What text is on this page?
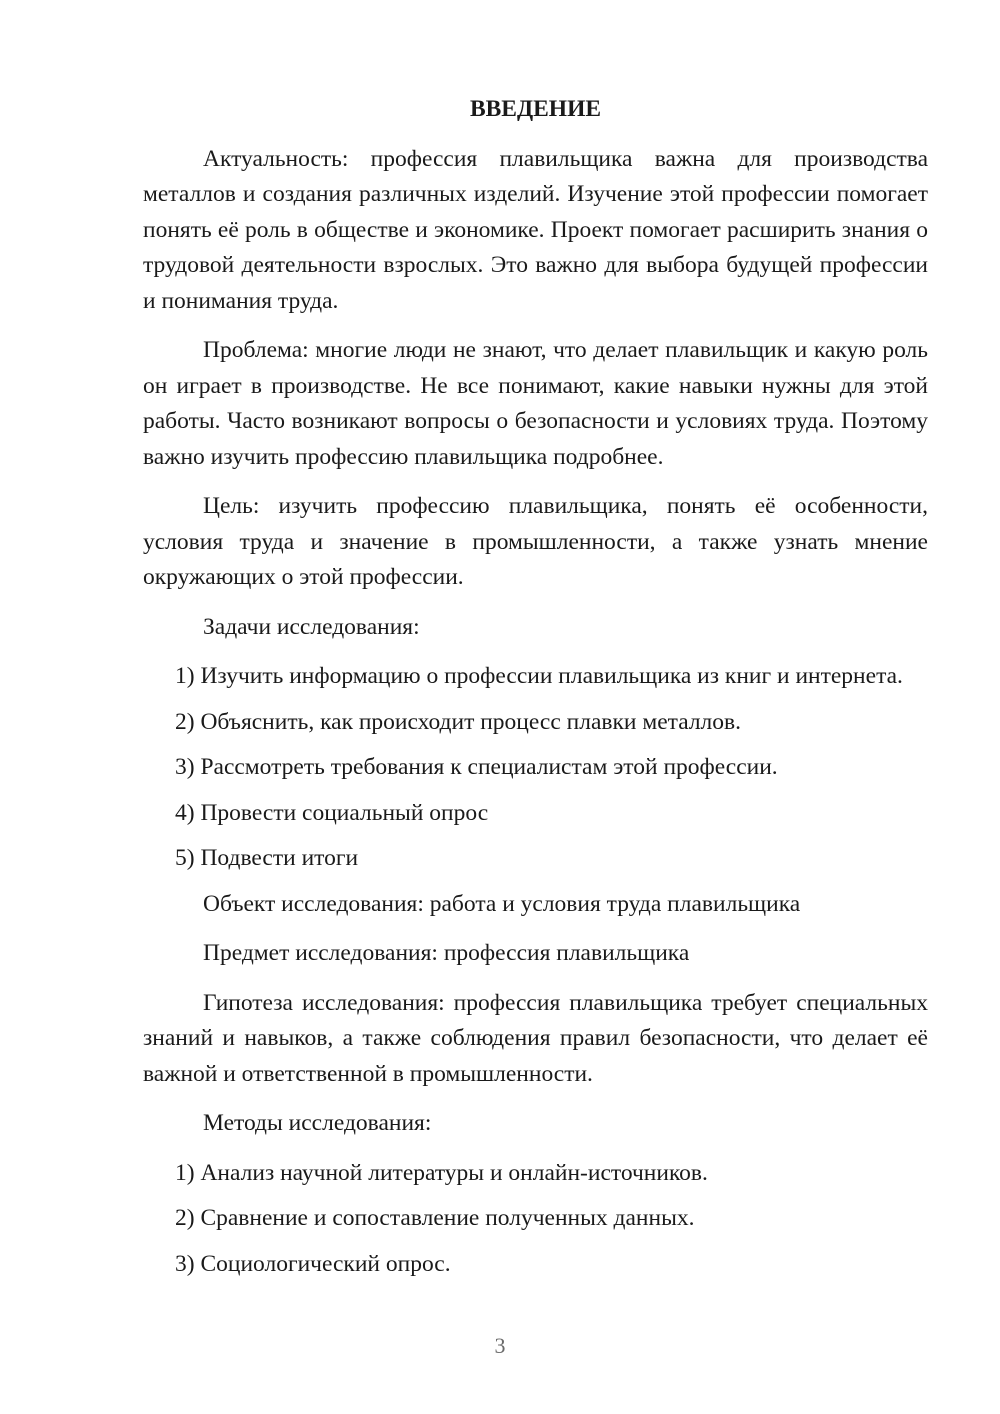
ВВЕДЕНИЕ

Актуальность: профессия плавильщика важна для производства металлов и создания различных изделий. Изучение этой профессии помогает понять её роль в обществе и экономике. Проект помогает расширить знания о трудовой деятельности взрослых. Это важно для выбора будущей профессии и понимания труда.

Проблема: многие люди не знают, что делает плавильщик и какую роль он играет в производстве. Не все понимают, какие навыки нужны для этой работы. Часто возникают вопросы о безопасности и условиях труда. Поэтому важно изучить профессию плавильщика подробнее.

Цель: изучить профессию плавильщика, понять её особенности, условия труда и значение в промышленности, а также узнать мнение окружающих о этой профессии.

Задачи исследования:

1) Изучить информацию о профессии плавильщика из книг и интернета.

2) Объяснить, как происходит процесс плавки металлов.

3) Рассмотреть требования к специалистам этой профессии.

4) Провести социальный опрос

5) Подвести итоги

Объект исследования: работа и условия труда плавильщика

Предмет исследования: профессия плавильщика

Гипотеза исследования: профессия плавильщика требует специальных знаний и навыков, а также соблюдения правил безопасности, что делает её важной и ответственной в промышленности.

Методы исследования:

1) Анализ научной литературы и онлайн-источников.

2) Сравнение и сопоставление полученных данных.

3) Социологический опрос.

3
